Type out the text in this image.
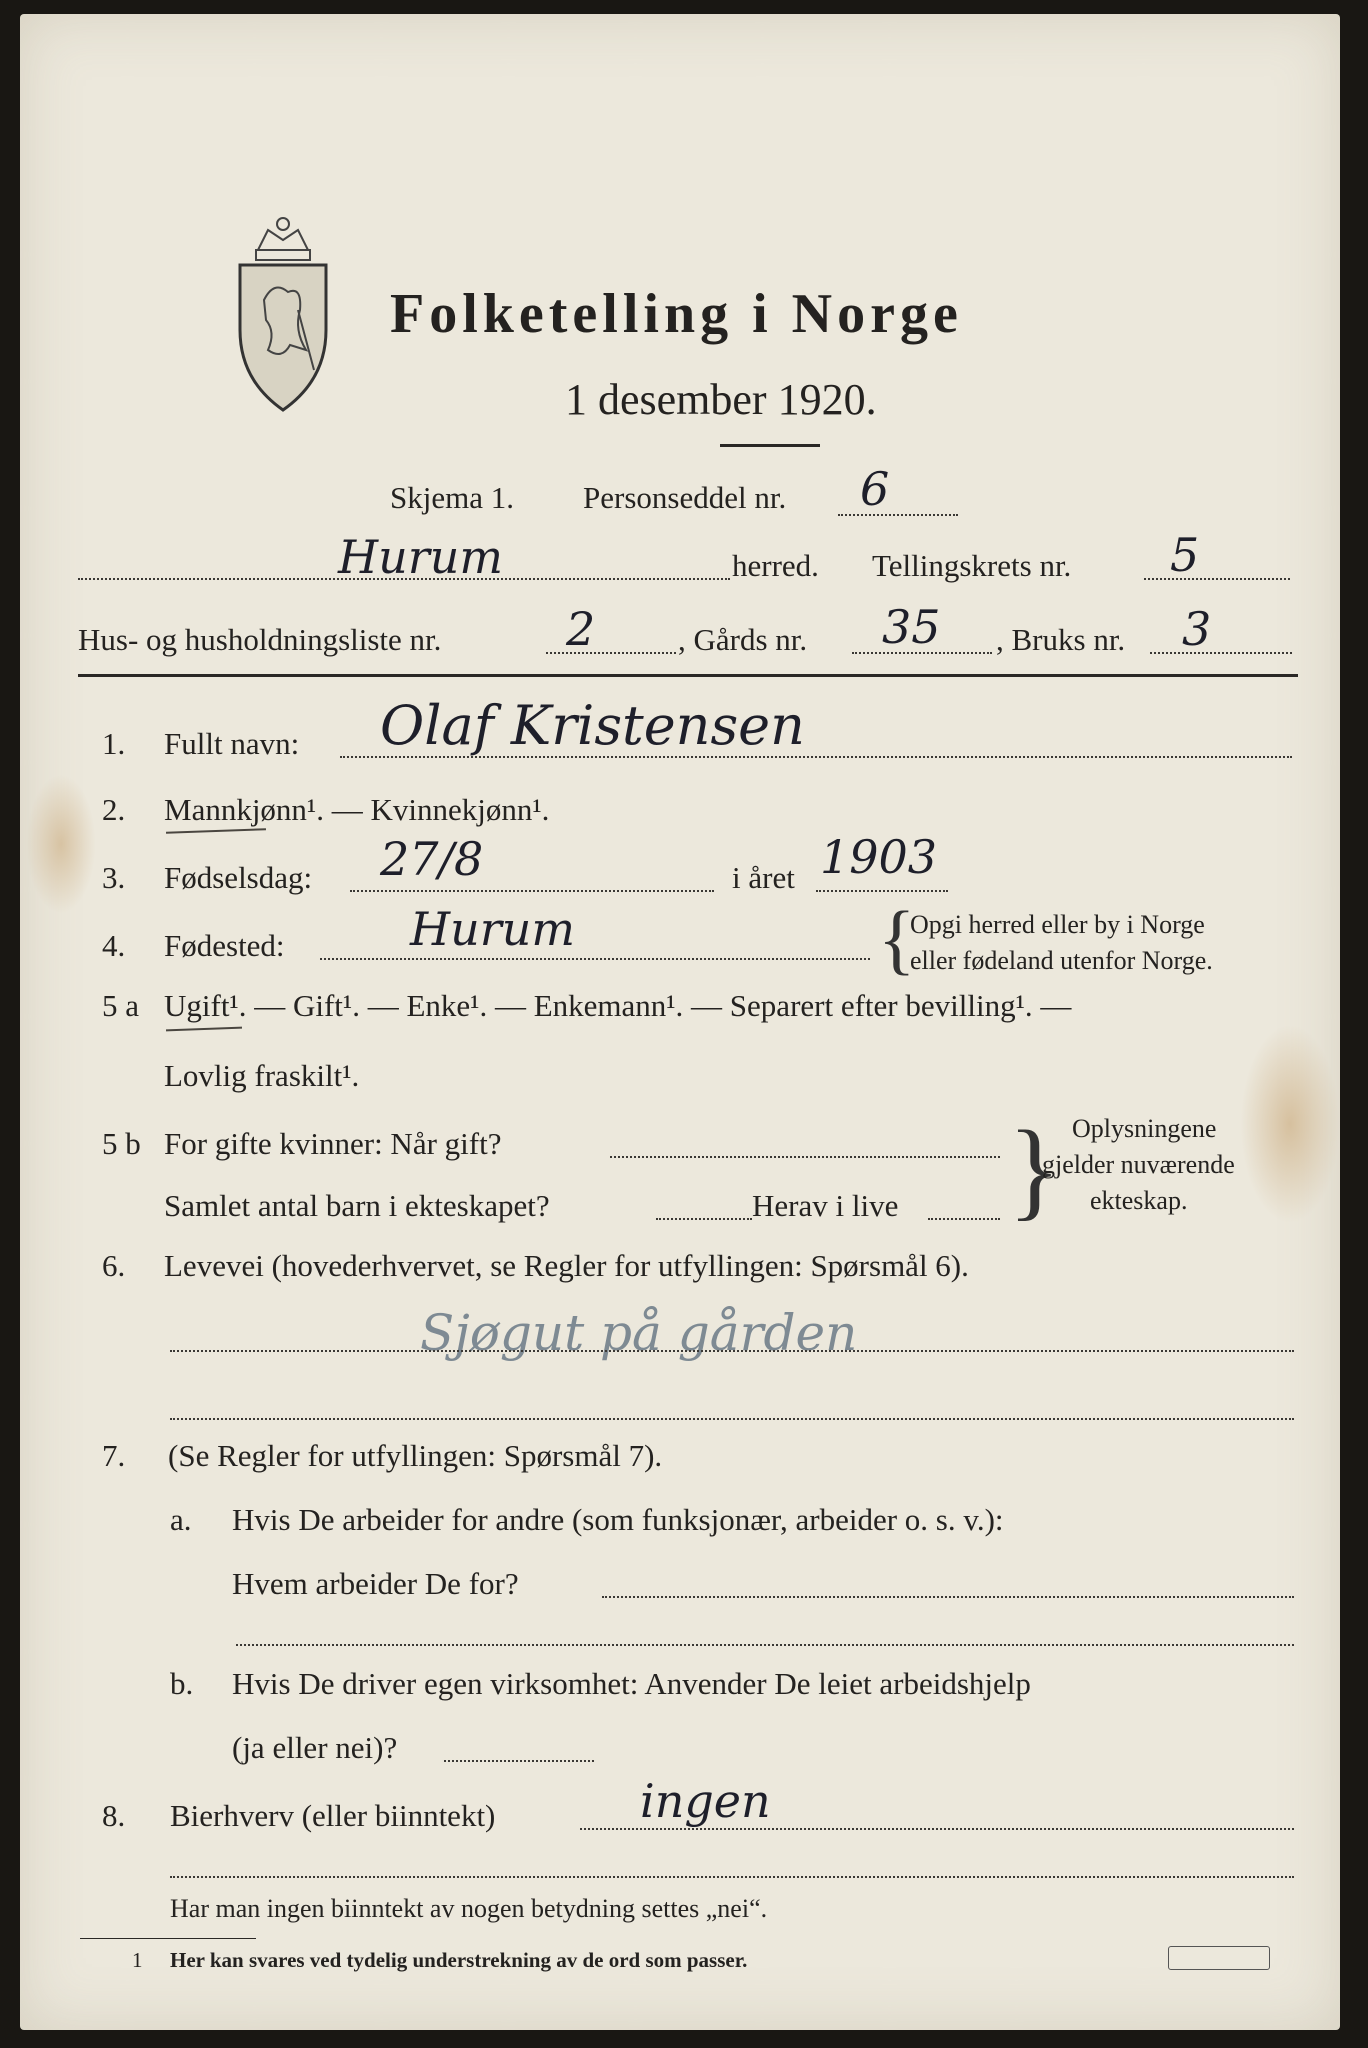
Folketelling i Norge
1 desember 1920.
Skjema 1. Personseddel nr. 6
Hurum	herred. Tellingskrets nr. 5
Hus- og husholdningsliste nr.	2	, Gårds nr. 35 , Bruks nr. 3
1. Fullt navn: Olaf Kristensen
2. Mannkjønn¹. — Kvinnekjønn¹.
3. Fødselsdag: 27/8	i året 1903
4. Fødested:	Hurum	{
Opgi herred eller by i Norge
eller fødeland utenfor Norge.
5 a Ugift¹. — Gift¹. — Enke¹. — Enkemann¹. — Separert efter bevilling¹. —
Lovlig fraskilt¹.
5 b For gifte kvinner: Når gift?
Samlet antal barn i ekteskapet?	Herav i live } Oplysningene
gjelder nuværende
ekteskap.
6. Levevei (hovederhvervet, se Regler for utfyllingen: Spørsmål 6).
Sjøgut på gården
7. (Se Regler for utfyllingen: Spørsmål 7).
a. Hvis De arbeider for andre (som funksjonær, arbeider o. s. v.):
Hvem arbeider De for?
b. Hvis De driver egen virksomhet: Anvender De leiet arbeidshjelp
(ja eller nei)?
8. Bierhverv (eller biinntekt)	ingen
Har man ingen biinntekt av nogen betydning settes „nei“.
1 Her kan svares ved tydelig understrekning av de ord som passer.
